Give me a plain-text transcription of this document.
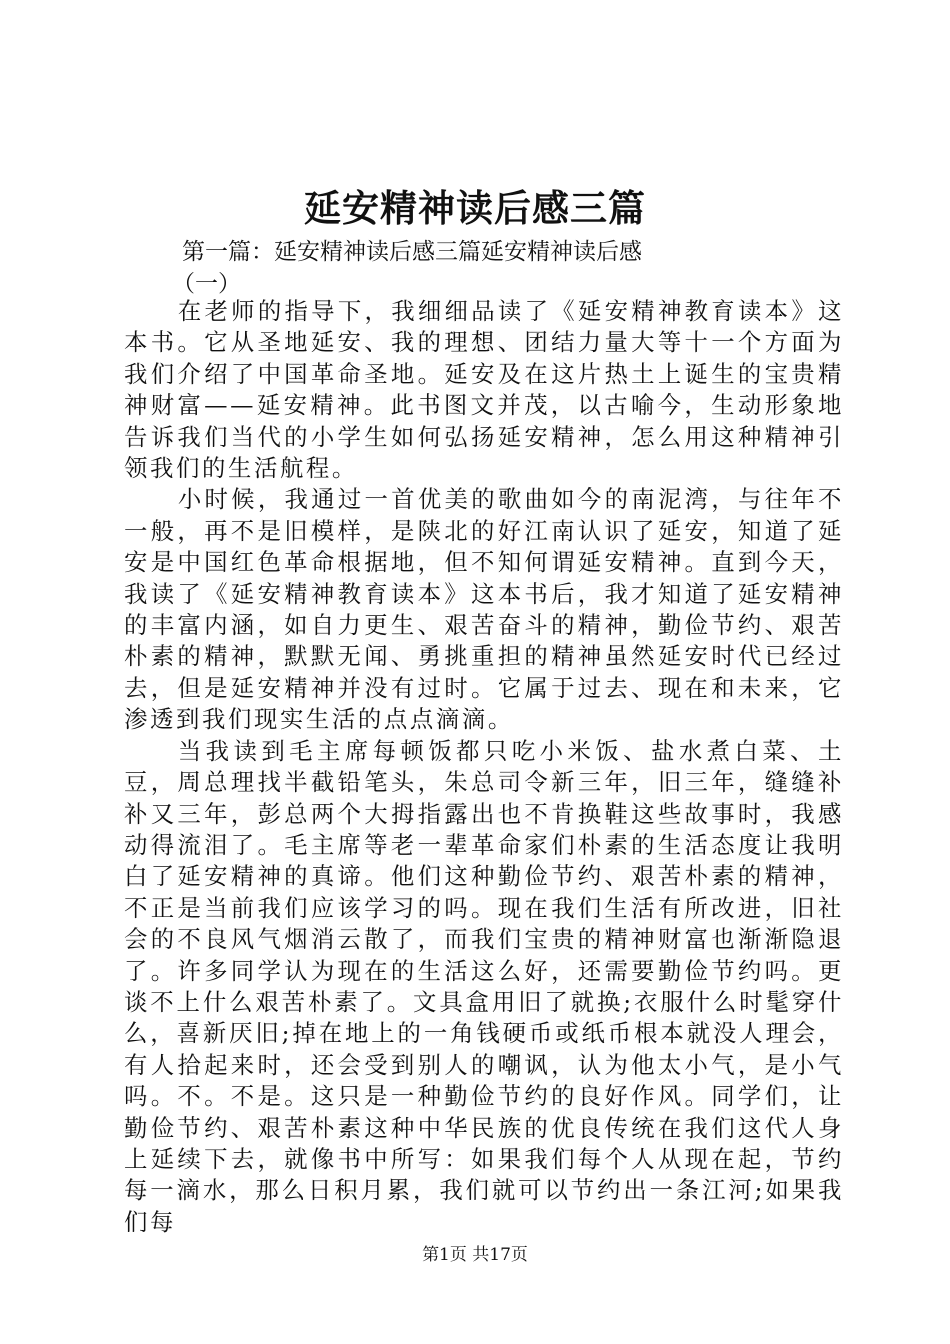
延安精神读后感三篇
第一篇：延安精神读后感三篇延安精神读后感
（一）

在老师的指导下，我细细品读了《延安精神教育读本》这本书。它从圣地延安、我的理想、团结力量大等十一个方面为我们介绍了中国革命圣地。延安及在这片热土上诞生的宝贵精神财富——延安精神。此书图文并茂，以古喻今，生动形象地告诉我们当代的小学生如何弘扬延安精神，怎么用这种精神引领我们的生活航程。

小时候，我通过一首优美的歌曲如今的南泥湾，与往年不一般，再不是旧模样，是陕北的好江南认识了延安，知道了延安是中国红色革命根据地，但不知何谓延安精神。直到今天，我读了《延安精神教育读本》这本书后，我才知道了延安精神的丰富内涵，如自力更生、艰苦奋斗的精神，勤俭节约、艰苦朴素的精神，默默无闻、勇挑重担的精神虽然延安时代已经过去，但是延安精神并没有过时。它属于过去、现在和未来，它渗透到我们现实生活的点点滴滴。

当我读到毛主席每顿饭都只吃小米饭、盐水煮白菜、土豆，周总理找半截铅笔头，朱总司令新三年，旧三年，缝缝补补又三年，彭总两个大拇指露出也不肯换鞋这些故事时，我感动得流泪了。毛主席等老一辈革命家们朴素的生活态度让我明白了延安精神的真谛。他们这种勤俭节约、艰苦朴素的精神，不正是当前我们应该学习的吗。现在我们生活有所改进，旧社会的不良风气烟消云散了，而我们宝贵的精神财富也渐渐隐退了。许多同学认为现在的生活这么好，还需要勤俭节约吗。更谈不上什么艰苦朴素了。文具盒用旧了就换;衣服什么时髦穿什么，喜新厌旧;掉在地上的一角钱硬币或纸币根本就没人理会，有人拾起来时，还会受到别人的嘲讽，认为他太小气，是小气吗。不。不是。这只是一种勤俭节约的良好作风。同学们，让勤俭节约、艰苦朴素这种中华民族的优良传统在我们这代人身上延续下去，就像书中所写：如果我们每个人从现在起，节约每一滴水，那么日积月累，我们就可以节约出一条江河;如果我们每

第1页 共17页
